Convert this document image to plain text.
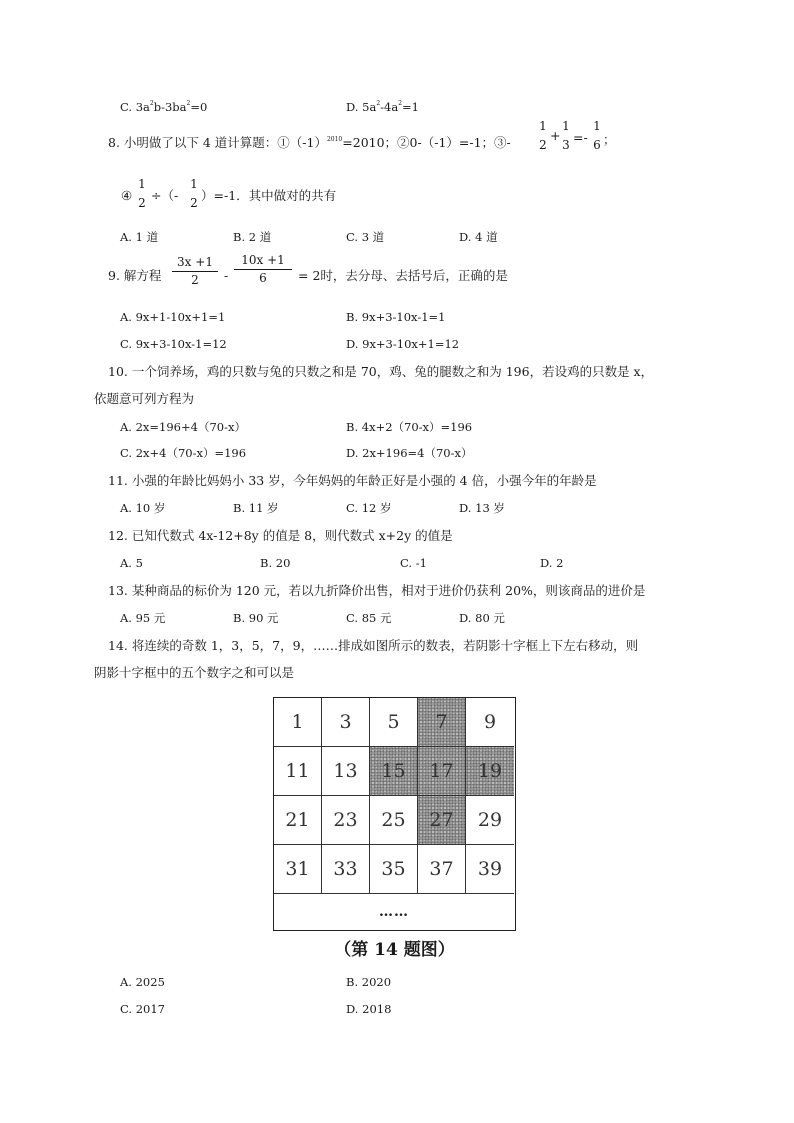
C. $3a^2b-3ba^2=0$	D. $5a^2-4a^2=1$
8. 小明做了以下 4 道计算题：$①(-1)^{2010}=2010$；②0-（-1）=-1；③-
1
2
+
1
3 =-
1
6 ；
④
1
2 ÷（-
1
2 ）=-1．其中做对的共有
A. 1 道	B. 2 道	C. 3 道	D. 4 道
9. 解方程
3x +1
2	-
10x +1
6	= 2时，去分母、去括号后，正确的是
A. 9x+1-10x+1=1	B. 9x+3-10x-1=1
C. 9x+3-10x-1=12	D. 9x+3-10x+1=12
10. 一个饲养场，鸡的只数与兔的只数之和是 70，鸡、兔的腿数之和为 196，若设鸡的只数是 x，
依题意可列方程为
A. 2x=196+4（70-x）	B. 4x+2（70-x）=196
C. 2x+4（70-x）=196	D. 2x+196=4（70-x）
11. 小强的年龄比妈妈小 33 岁，今年妈妈的年龄正好是小强的 4 倍，小强今年的年龄是
A. 10 岁	B. 11 岁	C. 12 岁	D. 13 岁
12. 已知代数式 4x-12+8y 的值是 8，则代数式 x+2y 的值是
A. 5	B. 20	C. -1	D. 2
13. 某种商品的标价为 120 元，若以九折降价出售，相对于进价仍获利 20%，则该商品的进价是
A. 95 元	B. 90 元	C. 85 元	D. 80 元
14. 将连续的奇数 1，3，5，7，9，……排成如图所示的数表，若阴影十字框上下左右移动，则
阴影十字框中的五个数字之和可以是
……
1	3	5	7	9
11	13	15	17	19
21	23	25	27	29
31	33	35	37	39
（第 14 题图）
A. 2025	B. 2020
C. 2017	D. 2018
